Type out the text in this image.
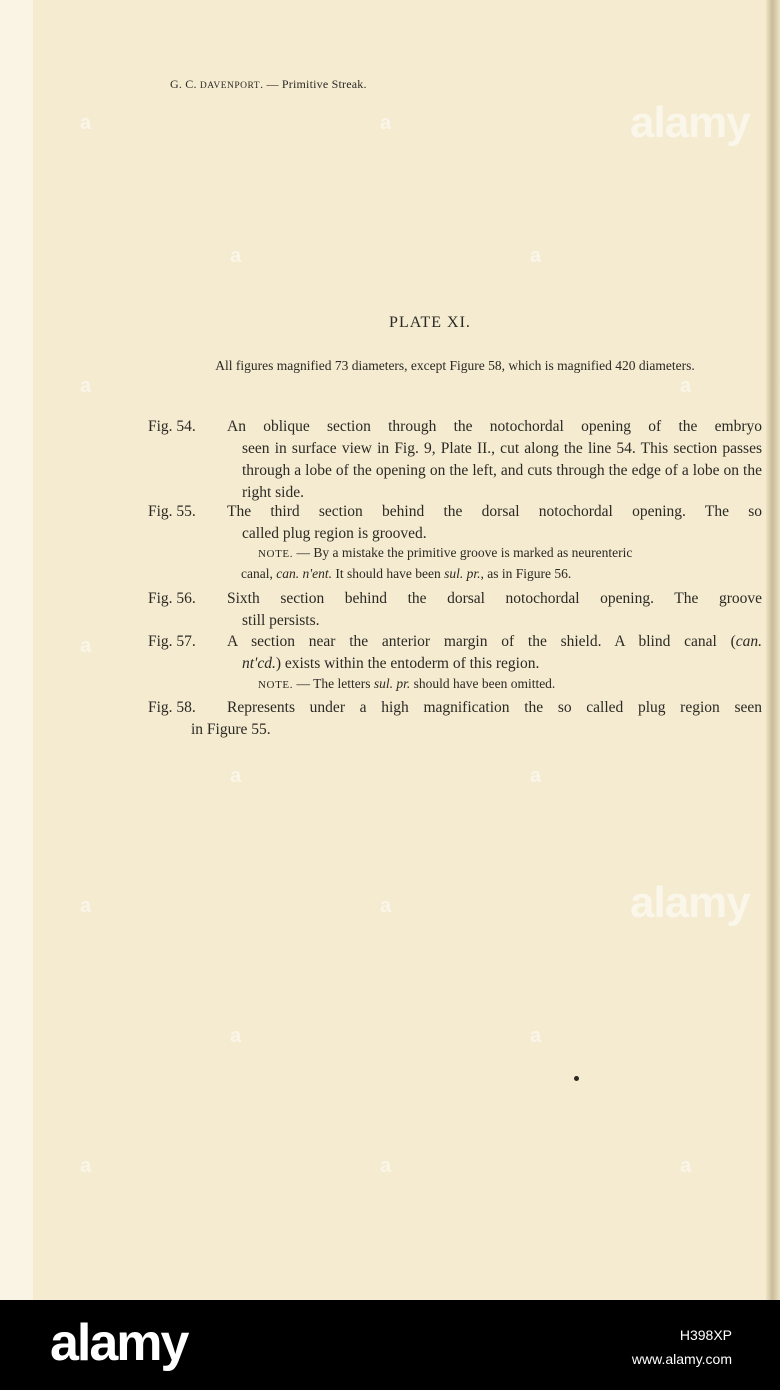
G. C. DAVENPORT. — Primitive Streak.
PLATE XI.
All figures magnified 73 diameters, except Figure 58, which is magnified 420 diameters.
Fig. 54. An oblique section through the notochordal opening of the embryo
seen in surface view in Fig. 9, Plate II., cut along the line 54. This section passes through a lobe of the opening on the left, and cuts through the edge of a lobe on the right side.
Fig. 55. The third section behind the dorsal notochordal opening. The so
called plug region is grooved.
NOTE. — By a mistake the primitive groove is marked as neurenteric
canal, can. n'ent. It should have been sul. pr., as in Figure 56.
Fig. 56. Sixth section behind the dorsal notochordal opening. The groove
still persists.
Fig. 57. A section near the anterior margin of the shield. A blind canal (can.
nt'cd.) exists within the entoderm of this region.
NOTE. — The letters sul. pr. should have been omitted.
Fig. 58. Represents under a high magnification the so called plug region seen
in Figure 55.
alamy
alamy
a	a
a	a
a	a
a
a	a
a	a
a	a
a	a	a
alamy	H398XP
www.alamy.com
